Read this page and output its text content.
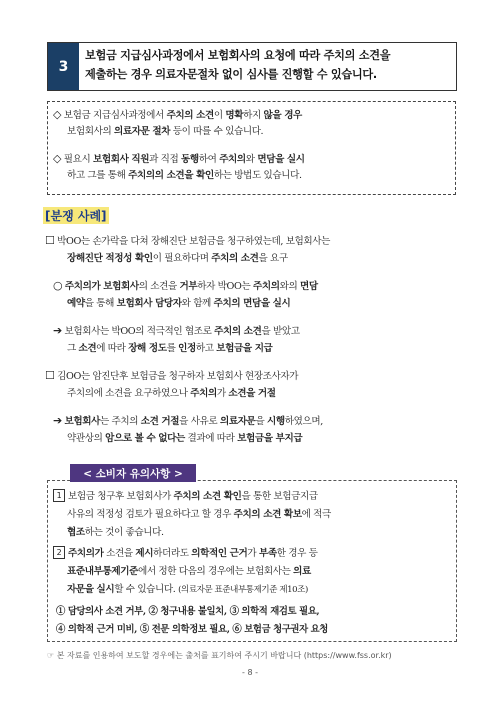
3
보험금 지급심사과정에서 보험회사의 요청에 따라 주치의 소견을
제출하는 경우 의료자문절차 없이 심사를 진행할 수 있습니다.
◇ 보험금 지급심사과정에서 주치의 소견이 명확하지 않을 경우
보험회사의 의료자문 절차 등이 따를 수 있습니다.
◇ 필요시 보험회사 직원과 직접 동행하여 주치의와 면담을 실시
하고 그를 통해 주치의의 소견을 확인하는 방법도 있습니다.
[분쟁 사례]
☐ 박OO는 손가락을 다쳐 장해진단 보험금을 청구하였는데, 보험회사는
장해진단 적정성 확인이 필요하다며 주치의 소견을 요구
○ 주치의가 보험회사의 소견을 거부하자 박OO는 주치의와의 면담
예약을 통해 보험회사 담당자와 함께 주치의 면담을 실시
➔ 보험회사는 박OO의 적극적인 협조로 주치의 소견을 받았고
그 소견에 따라 장해 정도를 인정하고 보험금을 지급
☐ 김OO는 암진단후 보험금을 청구하자 보험회사 현장조사자가
주치의에 소견을 요구하였으나 주치의가 소견을 거절
➔ 보험회사는 주치의 소견 거절을 사유로 의료자문을 시행하였으며,
약관상의 암으로 볼 수 없다는 결과에 따라 보험금을 부지급
< 소비자 유의사항 >
1 보험금 청구후 보험회사가 주치의 소견 확인을 통한 보험금지급
사유의 적정성 검토가 필요하다고 할 경우 주치의 소견 확보에 적극
협조하는 것이 좋습니다.
2 주치의가 소견을 제시하더라도 의학적인 근거가 부족한 경우 등
표준내부통제기준에서 정한 다음의 경우에는 보험회사는 의료
자문을 실시할 수 있습니다. (의료자문 표준내부통제기준 제10조)
① 담당의사 소견 거부, ② 청구내용 불일치, ③ 의학적 재검토 필요,
④ 의학적 근거 미비, ⑤ 전문 의학정보 필요, ⑥ 보험금 청구권자 요청
☞ 본 자료를 인용하여 보도할 경우에는 출처를 표기하여 주시기 바랍니다 (https://www.fss.or.kr)
- 8 -
